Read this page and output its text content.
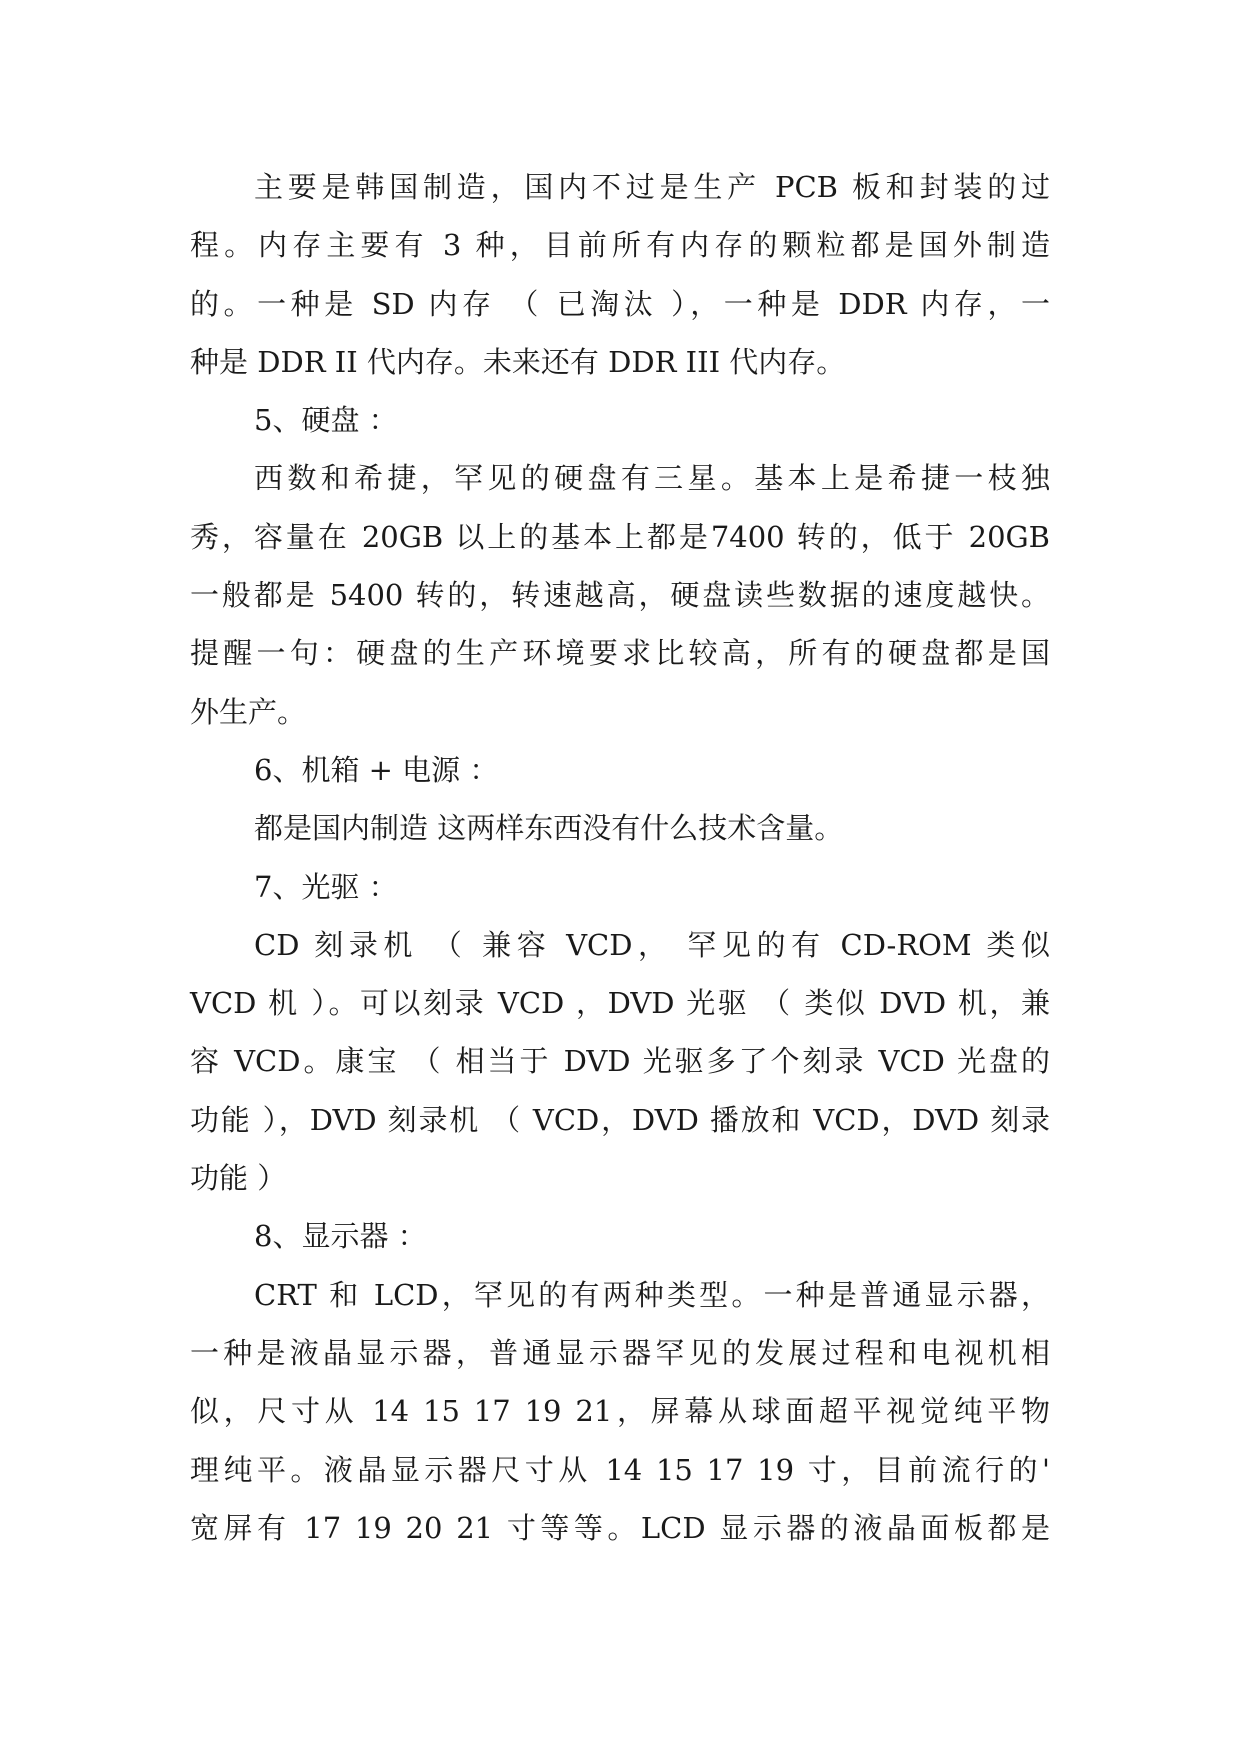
主要是韩国制造，国内不过是生产 PCB 板和封装的过
程。内存主要有 3 种，目前所有内存的颗粒都是国外制造
的。一种是 SD 内存 （ 已淘汰 ），一种是 DDR 内存，一
种是 DDR II 代内存。未来还有 DDR III 代内存。
5、硬盘 ：
西数和希捷，罕见的硬盘有三星。基本上是希捷一枝独
秀，容量在 20GB 以上的基本上都是7400 转的，低于 20GB
一般都是 5400 转的，转速越高，硬盘读些数据的速度越快。
提醒一句：硬盘的生产环境要求比较高，所有的硬盘都是国
外生产。
6、机箱 + 电源 ：
都是国内制造 这两样东西没有什么技术含量。
7、光驱 ：
CD 刻录机 （ 兼容 VCD， 罕见的有 CD-ROM 类似
VCD 机 ）。可以刻录 VCD ，DVD 光驱 （ 类似 DVD 机，兼
容 VCD。康宝 （ 相当于 DVD 光驱多了个刻录 VCD 光盘的
功能 ），DVD 刻录机 （ VCD，DVD 播放和 VCD，DVD 刻录
功能 ）
8、显示器 ：
CRT 和 LCD，罕见的有两种类型。一种是普通显示器，
一种是液晶显示器，普通显示器罕见的发展过程和电视机相
似，尺寸从 14 15 17 19 21，屏幕从球面超平视觉纯平物
理纯平。液晶显示器尺寸从 14 15 17 19 寸，目前流行的'
宽屏有 17 19 20 21 寸等等。LCD 显示器的液晶面板都是
